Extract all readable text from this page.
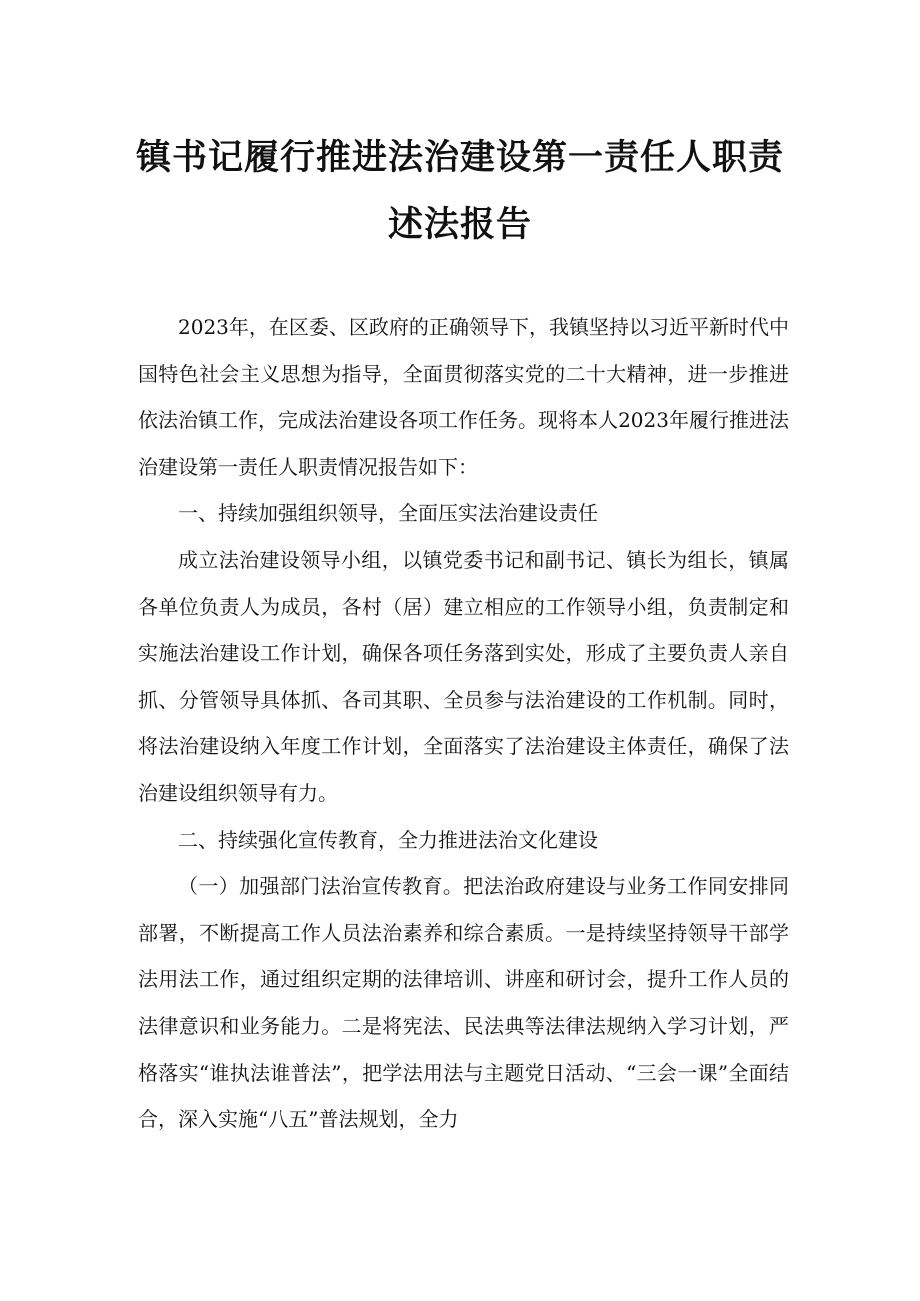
镇书记履行推进法治建设第一责任人职责
述法报告

2023年，在区委、区政府的正确领导下，我镇坚持以习近平新时代中国特色社会主义思想为指导，全面贯彻落实党的二十大精神，进一步推进依法治镇工作，完成法治建设各项工作任务。现将本人2023年履行推进法治建设第一责任人职责情况报告如下：

一、持续加强组织领导，全面压实法治建设责任

成立法治建设领导小组，以镇党委书记和副书记、镇长为组长，镇属各单位负责人为成员，各村（居）建立相应的工作领导小组，负责制定和实施法治建设工作计划，确保各项任务落到实处，形成了主要负责人亲自抓、分管领导具体抓、各司其职、全员参与法治建设的工作机制。同时，将法治建设纳入年度工作计划，全面落实了法治建设主体责任，确保了法治建设组织领导有力。

二、持续强化宣传教育，全力推进法治文化建设

（一）加强部门法治宣传教育。把法治政府建设与业务工作同安排同部署，不断提高工作人员法治素养和综合素质。一是持续坚持领导干部学法用法工作，通过组织定期的法律培训、讲座和研讨会，提升工作人员的法律意识和业务能力。二是将宪法、民法典等法律法规纳入学习计划，严格落实“谁执法谁普法”，把学法用法与主题党日活动、“三会一课”全面结合，深入实施“八五”普法规划，全力
